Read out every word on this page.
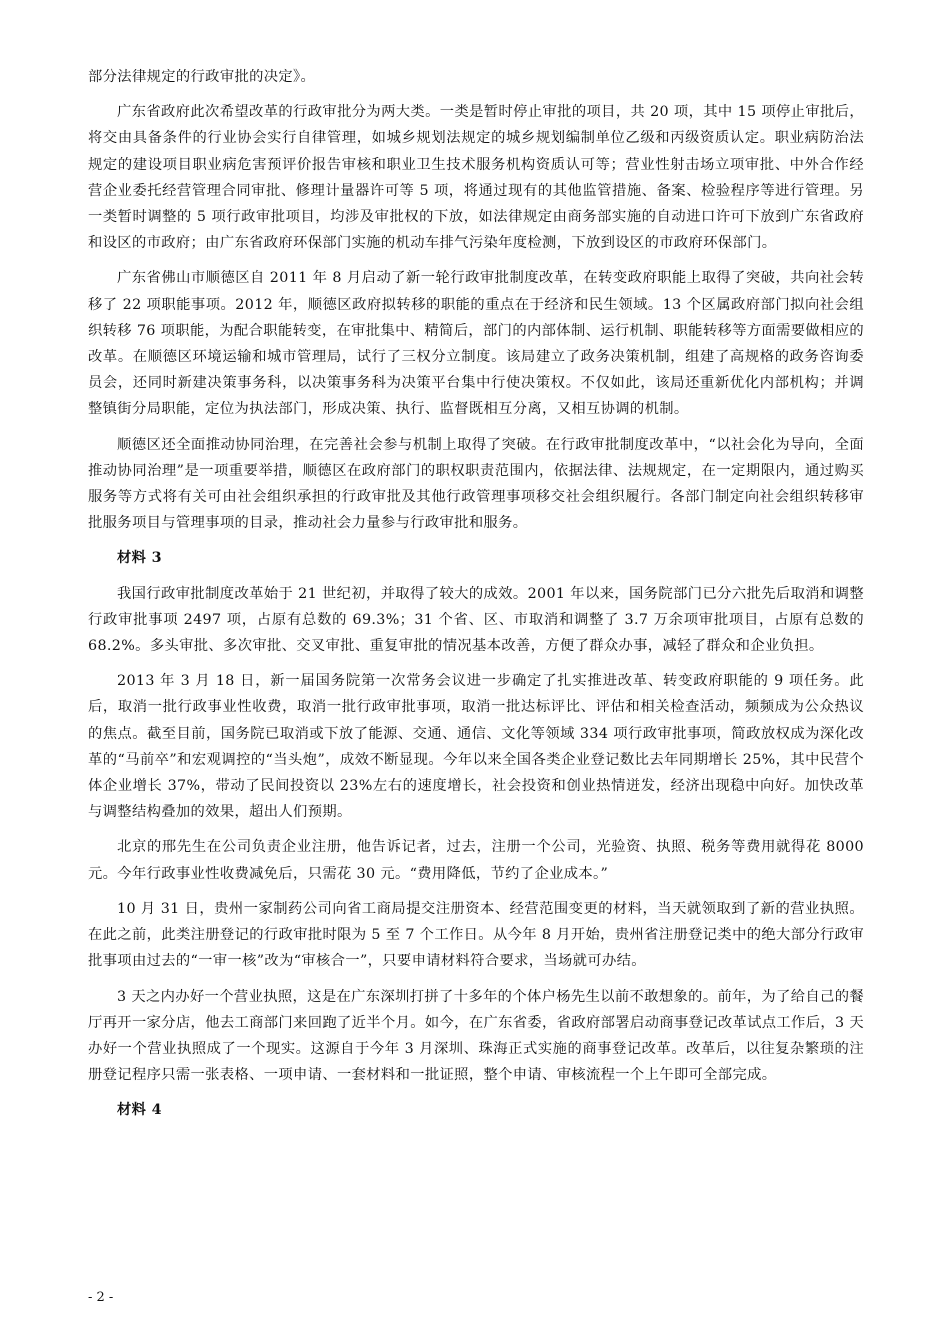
部分法律规定的行政审批的决定》。

广东省政府此次希望改革的行政审批分为两大类。一类是暂时停止审批的项目，共 20 项，其中 15 项停止审批后，将交由具备条件的行业协会实行自律管理，如城乡规划法规定的城乡规划编制单位乙级和丙级资质认定。职业病防治法规定的建设项目职业病危害预评价报告审核和职业卫生技术服务机构资质认可等；营业性射击场立项审批、中外合作经营企业委托经营管理合同审批、修理计量器许可等 5 项，将通过现有的其他监管措施、备案、检验程序等进行管理。另一类暂时调整的 5 项行政审批项目，均涉及审批权的下放，如法律规定由商务部实施的自动进口许可下放到广东省政府和设区的市政府；由广东省政府环保部门实施的机动车排气污染年度检测，下放到设区的市政府环保部门。

广东省佛山市顺德区自 2011 年 8 月启动了新一轮行政审批制度改革，在转变政府职能上取得了突破，共向社会转移了 22 项职能事项。2012 年，顺德区政府拟转移的职能的重点在于经济和民生领域。13 个区属政府部门拟向社会组织转移 76 项职能，为配合职能转变，在审批集中、精简后，部门的内部体制、运行机制、职能转移等方面需要做相应的改革。在顺德区环境运输和城市管理局，试行了三权分立制度。该局建立了政务决策机制，组建了高规格的政务咨询委员会，还同时新建决策事务科，以决策事务科为决策平台集中行使决策权。不仅如此，该局还重新优化内部机构；并调整镇街分局职能，定位为执法部门，形成决策、执行、监督既相互分离，又相互协调的机制。

顺德区还全面推动协同治理，在完善社会参与机制上取得了突破。在行政审批制度改革中，“以社会化为导向，全面推动协同治理”是一项重要举措，顺德区在政府部门的职权职责范围内，依据法律、法规规定，在一定期限内，通过购买服务等方式将有关可由社会组织承担的行政审批及其他行政管理事项移交社会组织履行。各部门制定向社会组织转移审批服务项目与管理事项的目录，推动社会力量参与行政审批和服务。

材料 3

我国行政审批制度改革始于 21 世纪初，并取得了较大的成效。2001 年以来，国务院部门已分六批先后取消和调整行政审批事项 2497 项，占原有总数的 69.3%；31 个省、区、市取消和调整了 3.7 万余项审批项目，占原有总数的 68.2%。多头审批、多次审批、交叉审批、重复审批的情况基本改善，方便了群众办事，减轻了群众和企业负担。

2013 年 3 月 18 日，新一届国务院第一次常务会议进一步确定了扎实推进改革、转变政府职能的 9 项任务。此后，取消一批行政事业性收费，取消一批行政审批事项，取消一批达标评比、评估和相关检查活动，频频成为公众热议的焦点。截至目前，国务院已取消或下放了能源、交通、通信、文化等领域 334 项行政审批事项，简政放权成为深化改革的“马前卒”和宏观调控的“当头炮”，成效不断显现。今年以来全国各类企业登记数比去年同期增长 25%，其中民营个体企业增长 37%，带动了民间投资以 23%左右的速度增长，社会投资和创业热情迸发，经济出现稳中向好。加快改革与调整结构叠加的效果，超出人们预期。

北京的邢先生在公司负责企业注册，他告诉记者，过去，注册一个公司，光验资、执照、税务等费用就得花 8000 元。今年行政事业性收费减免后，只需花 30 元。“费用降低，节约了企业成本。”

10 月 31 日，贵州一家制药公司向省工商局提交注册资本、经营范围变更的材料，当天就领取到了新的营业执照。在此之前，此类注册登记的行政审批时限为 5 至 7 个工作日。从今年 8 月开始，贵州省注册登记类中的绝大部分行政审批事项由过去的“一审一核”改为“审核合一”，只要申请材料符合要求，当场就可办结。

3 天之内办好一个营业执照，这是在广东深圳打拼了十多年的个体户杨先生以前不敢想象的。前年，为了给自己的餐厅再开一家分店，他去工商部门来回跑了近半个月。如今，在广东省委，省政府部署启动商事登记改革试点工作后，3 天办好一个营业执照成了一个现实。这源自于今年 3 月深圳、珠海正式实施的商事登记改革。改革后，以往复杂繁琐的注册登记程序只需一张表格、一项申请、一套材料和一批证照，整个申请、审核流程一个上午即可全部完成。

材料 4

- 2 -
